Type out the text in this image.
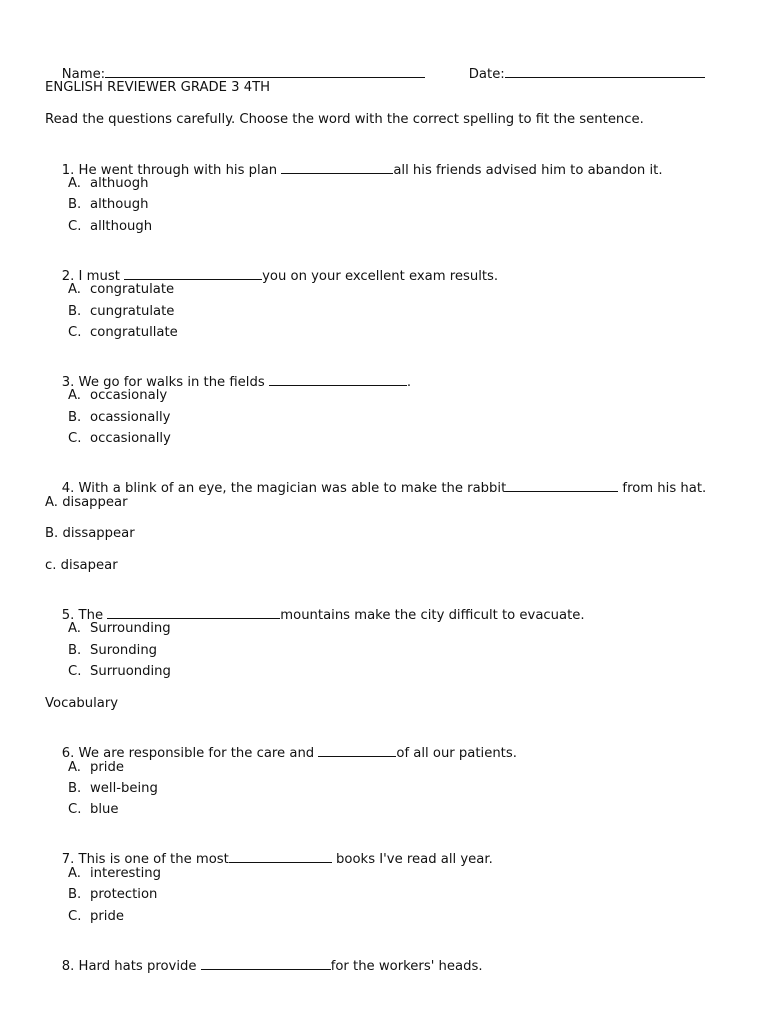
Name:
	Date:

ENGLISH REVIEWER GRADE 3 4TH
Read the questions carefully. Choose the word with the correct spelling to fit the sentence.

1. He went through with his plan	all his friends advised him to abandon it.

A. althuogh
B. although
C. allthough

2. I must	you on your excellent exam results.

A. congratulate
B. cungratulate
C. congratullate

3. We go for walks in the fields	.

A. occasionaly
B. ocassionally
C. occasionally

4. With a blink of an eye, the magician was able to make the rabbit	from his hat.

A. disappear
B. dissappear
c. disapear

5. The	mountains make the city difficult to evacuate.

A. Surrounding
B. Suronding
C. Surruonding
Vocabulary

6. We are responsible for the care and	of all our patients.

A. pride
B. well-being
C. blue

7. This is one of the most	books I've read all year.

A. interesting
B. protection
C. pride

8. Hard hats provide	for the workers' heads.
